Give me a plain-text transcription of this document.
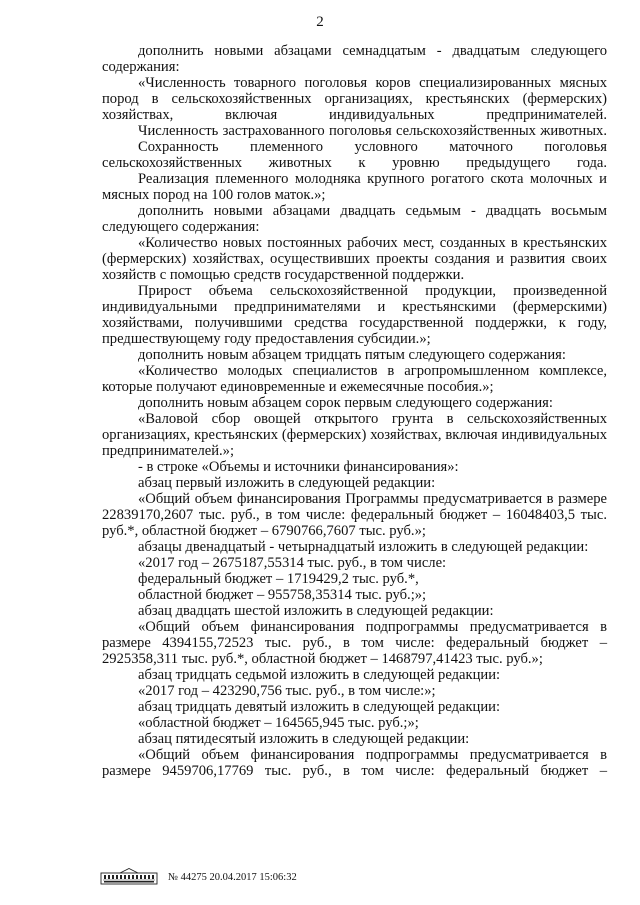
2
дополнить новыми абзацами семнадцатым - двадцатым следующего содержания:
«Численность товарного поголовья коров специализированных мясных пород в сельскохозяйственных организациях, крестьянских (фермерских) хозяйствах, включая индивидуальных предпринимателей.
Численность застрахованного поголовья сельскохозяйственных животных.
Сохранность племенного условного маточного поголовья сельскохозяйственных животных к уровню предыдущего года.
Реализация племенного молодняка крупного рогатого скота молочных и мясных пород на 100 голов маток.»;
дополнить новыми абзацами двадцать седьмым - двадцать восьмым следующего содержания:
«Количество новых постоянных рабочих мест, созданных в крестьянских (фермерских) хозяйствах, осуществивших проекты создания и развития своих хозяйств с помощью средств государственной поддержки.
Прирост объема сельскохозяйственной продукции, произведенной индивидуальными предпринимателями и крестьянскими (фермерскими) хозяйствами, получившими средства государственной поддержки, к году, предшествующему году предоставления субсидии.»;
дополнить новым абзацем тридцать пятым следующего содержания:
«Количество молодых специалистов в агропромышленном комплексе, которые получают единовременные и ежемесячные пособия.»;
дополнить новым абзацем сорок первым следующего содержания:
«Валовой сбор овощей открытого грунта в сельскохозяйственных организациях, крестьянских (фермерских) хозяйствах, включая индивидуальных предпринимателей.»;
- в строке «Объемы и источники финансирования»:
абзац первый изложить в следующей редакции:
«Общий объем финансирования Программы предусматривается в размере 22839170,2607 тыс. руб., в том числе: федеральный бюджет – 16048403,5 тыс. руб.*, областной бюджет – 6790766,7607 тыс. руб.»;
абзацы двенадцатый - четырнадцатый изложить в следующей редакции:
«2017 год – 2675187,55314 тыс. руб., в том числе:
федеральный бюджет – 1719429,2 тыс. руб.*,
областной бюджет – 955758,35314 тыс. руб.;»;
абзац двадцать шестой изложить в следующей редакции:
«Общий объем финансирования подпрограммы предусматривается в размере 4394155,72523 тыс. руб., в том числе: федеральный бюджет – 2925358,311 тыс. руб.*, областной бюджет – 1468797,41423 тыс. руб.»;
абзац тридцать седьмой изложить в следующей редакции:
«2017 год – 423290,756 тыс. руб., в том числе:»;
абзац тридцать девятый изложить в следующей редакции:
«областной бюджет – 164565,945 тыс. руб.;»;
абзац пятидесятый изложить в следующей редакции:
«Общий объем финансирования подпрограммы предусматривается в размере 9459706,17769 тыс. руб., в том числе: федеральный бюджет –
№ 44275 20.04.2017 15:06:32
